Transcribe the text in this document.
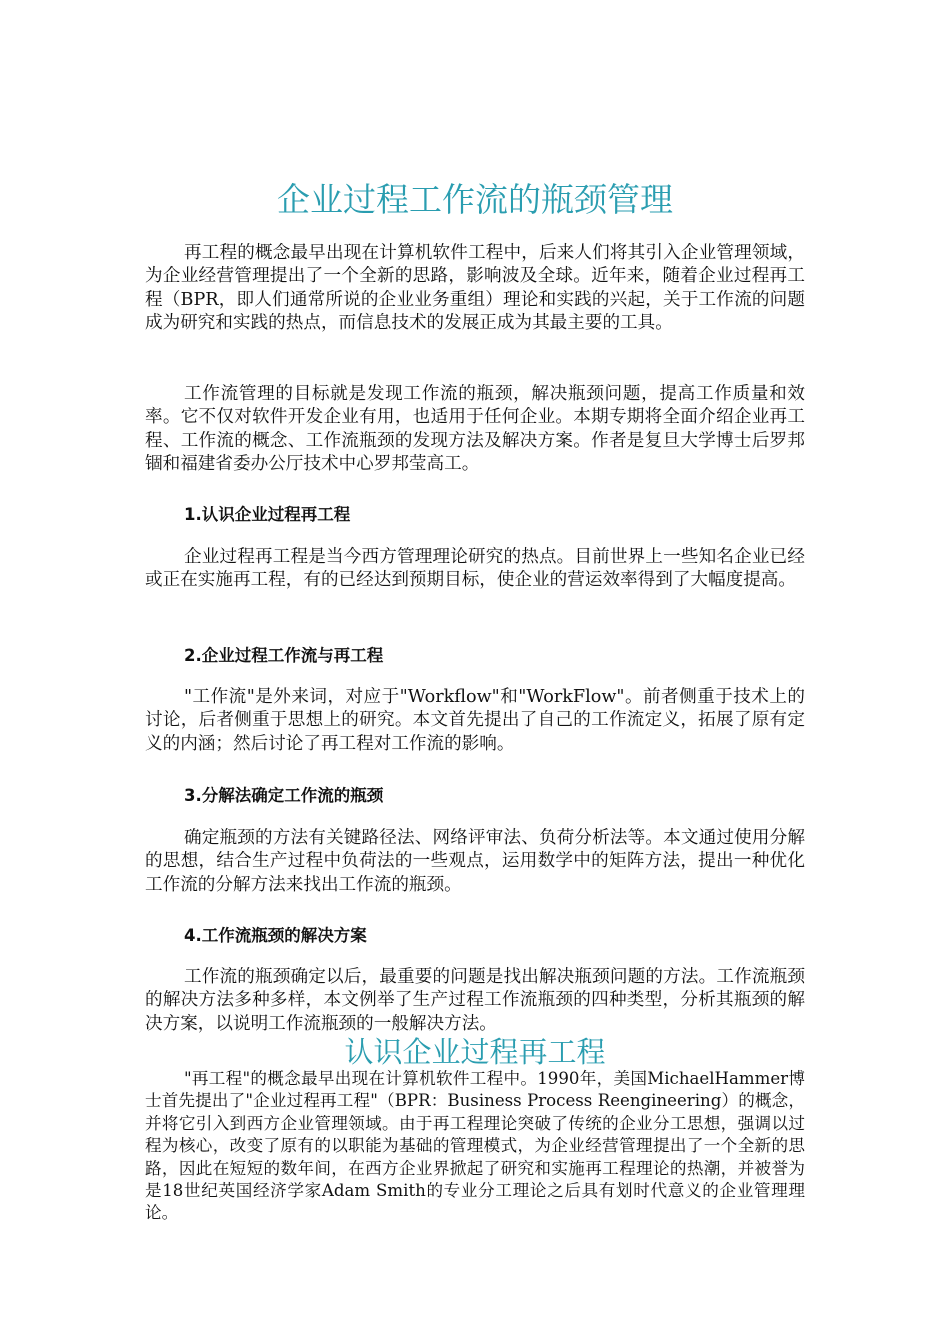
企业过程工作流的瓶颈管理

再工程的概念最早出现在计算机软件工程中，后来人们将其引入企业管理领域，为企业经营管理提出了一个全新的思路，影响波及全球。近年来，随着企业过程再工程（BPR，即人们通常所说的企业业务重组）理论和实践的兴起，关于工作流的问题成为研究和实践的热点，而信息技术的发展正成为其最主要的工具。

工作流管理的目标就是发现工作流的瓶颈，解决瓶颈问题，提高工作质量和效率。它不仅对软件开发企业有用，也适用于任何企业。本期专期将全面介绍企业再工程、工作流的概念、工作流瓶颈的发现方法及解决方案。作者是复旦大学博士后罗邦锢和福建省委办公厅技术中心罗邦莹高工。

1.认识企业过程再工程

企业过程再工程是当今西方管理理论研究的热点。目前世界上一些知名企业已经或正在实施再工程，有的已经达到预期目标，使企业的营运效率得到了大幅度提高。

2.企业过程工作流与再工程

"工作流"是外来词，对应于"Workflow"和"WorkFlow"。前者侧重于技术上的讨论，后者侧重于思想上的研究。本文首先提出了自己的工作流定义，拓展了原有定义的内涵；然后讨论了再工程对工作流的影响。

3.分解法确定工作流的瓶颈

确定瓶颈的方法有关键路径法、网络评审法、负荷分析法等。本文通过使用分解的思想，结合生产过程中负荷法的一些观点，运用数学中的矩阵方法，提出一种优化工作流的分解方法来找出工作流的瓶颈。

4.工作流瓶颈的解决方案

工作流的瓶颈确定以后，最重要的问题是找出解决瓶颈问题的方法。工作流瓶颈的解决方法多种多样，本文例举了生产过程工作流瓶颈的四种类型，分析其瓶颈的解决方案，以说明工作流瓶颈的一般解决方法。

认识企业过程再工程

"再工程"的概念最早出现在计算机软件工程中。1990年，美国MichaelHammer博士首先提出了"企业过程再工程"（BPR：Business Process Reengineering）的概念，并将它引入到西方企业管理领域。由于再工程理论突破了传统的企业分工思想，强调以过程为核心，改变了原有的以职能为基础的管理模式，为企业经营管理提出了一个全新的思路，因此在短短的数年间，在西方企业界掀起了研究和实施再工程理论的热潮，并被誉为是18世纪英国经济学家Adam Smith的专业分工理论之后具有划时代意义的企业管理理论。
